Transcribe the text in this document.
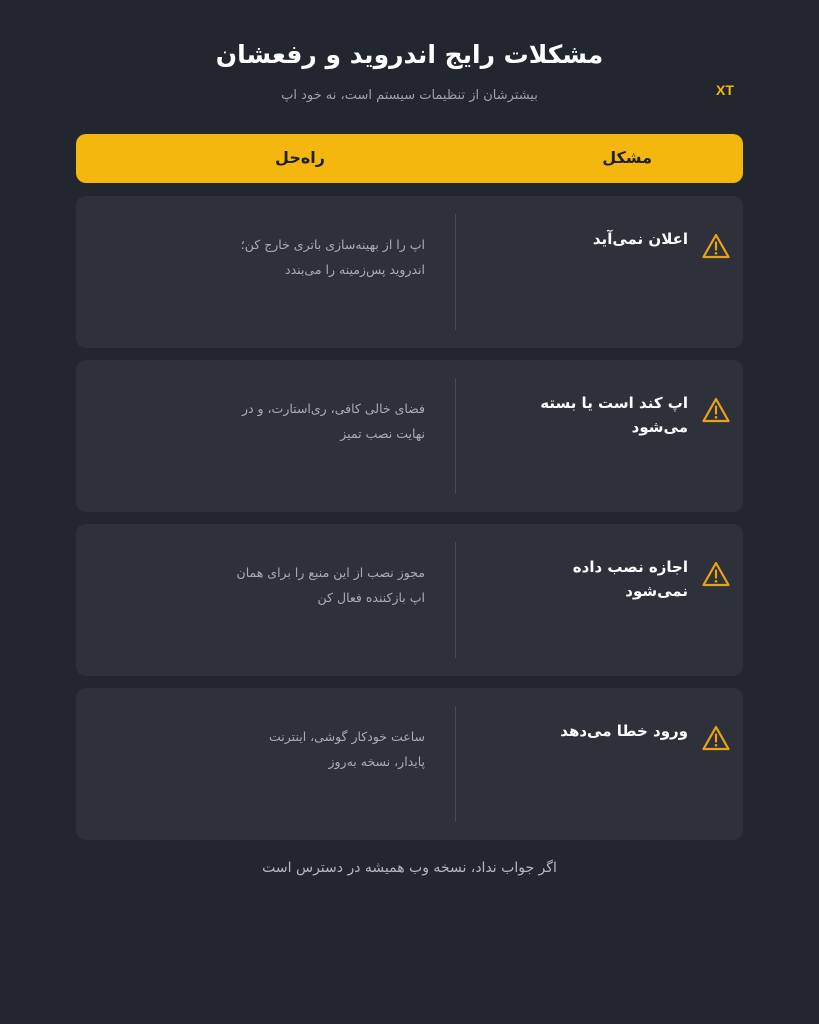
XT
مشکلات رایج اندروید و رفعشان
بیشترشان از تنظیمات سیستم است، نه خود اپ
مشکل
راه‌حل
اعلان نمی‌آید
اپ را از بهینه‌سازی باتری خارج کن؛ اندروید پس‌زمینه را می‌بندد
اپ کند است یا بسته می‌شود
فضای خالی کافی، ری‌استارت، و در نهایت نصب تمیز
اجازه نصب داده نمی‌شود
مجوز نصب از این منبع را برای همان اپ بازکننده فعال کن
ورود خطا می‌دهد
ساعت خودکار گوشی، اینترنت پایدار، نسخه به‌روز
اگر جواب نداد، نسخه وب همیشه در دسترس است
